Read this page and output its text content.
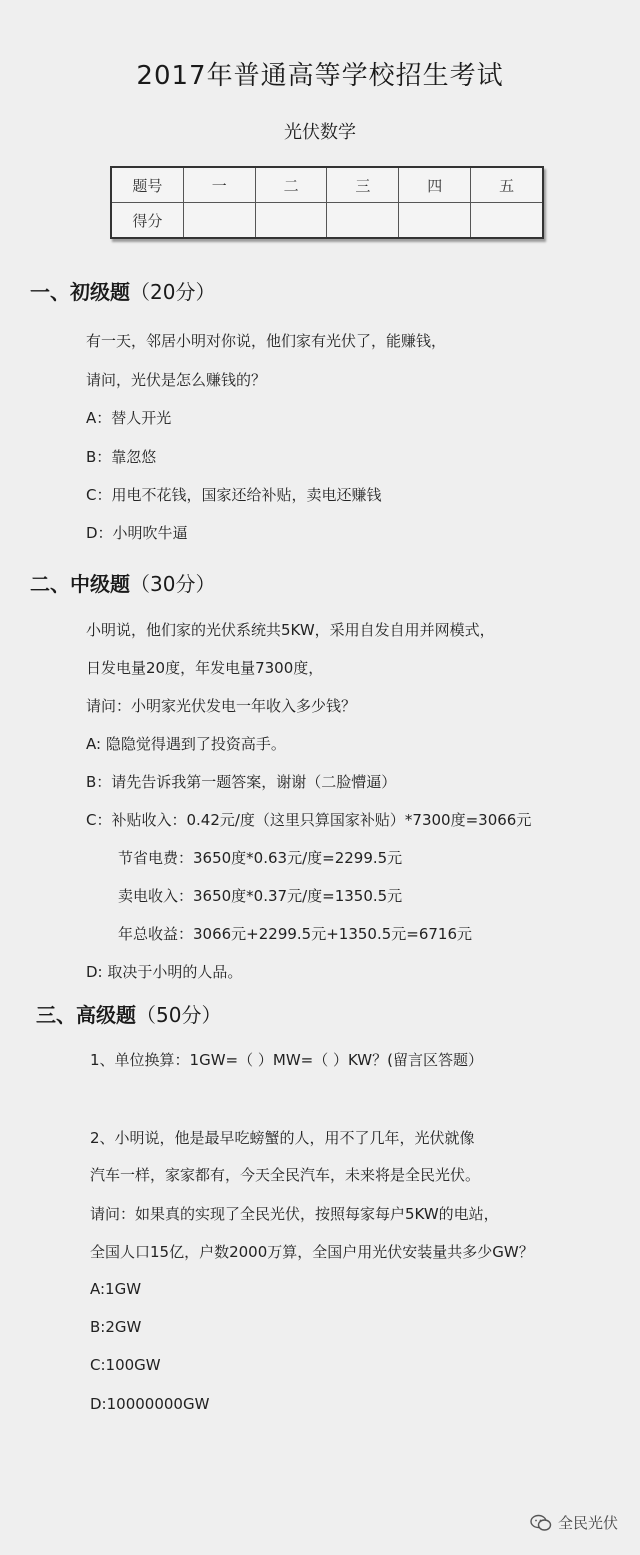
2017年普通高等学校招生考试
光伏数学
题号	一	二	三	四	五
得分					
一、初级题（20分）
有一天，邻居小明对你说，他们家有光伏了，能赚钱，
请问，光伏是怎么赚钱的？
A：替人开光
B：靠忽悠
C：用电不花钱，国家还给补贴，卖电还赚钱
D：小明吹牛逼
二、中级题（30分）
小明说，他们家的光伏系统共5KW，采用自发自用并网模式，
日发电量20度，年发电量7300度，
请问：小明家光伏发电一年收入多少钱？
A: 隐隐觉得遇到了投资高手。
B：请先告诉我第一题答案，谢谢（二脸懵逼）
C：补贴收入：0.42元/度（这里只算国家补贴）*7300度=3066元
节省电费：3650度*0.63元/度=2299.5元
卖电收入：3650度*0.37元/度=1350.5元
年总收益：3066元+2299.5元+1350.5元=6716元
D: 取决于小明的人品。
三、高级题（50分）
1、单位换算：1GW=（ ）MW=（ ）KW？(留言区答题）
2、小明说，他是最早吃螃蟹的人，用不了几年，光伏就像
汽车一样，家家都有，今天全民汽车，未来将是全民光伏。
请问：如果真的实现了全民光伏，按照每家每户5KW的电站，
全国人口15亿，户数2000万算，全国户用光伏安装量共多少GW？
A:1GW
B:2GW
C:100GW
D:10000000GW
全民光伏
